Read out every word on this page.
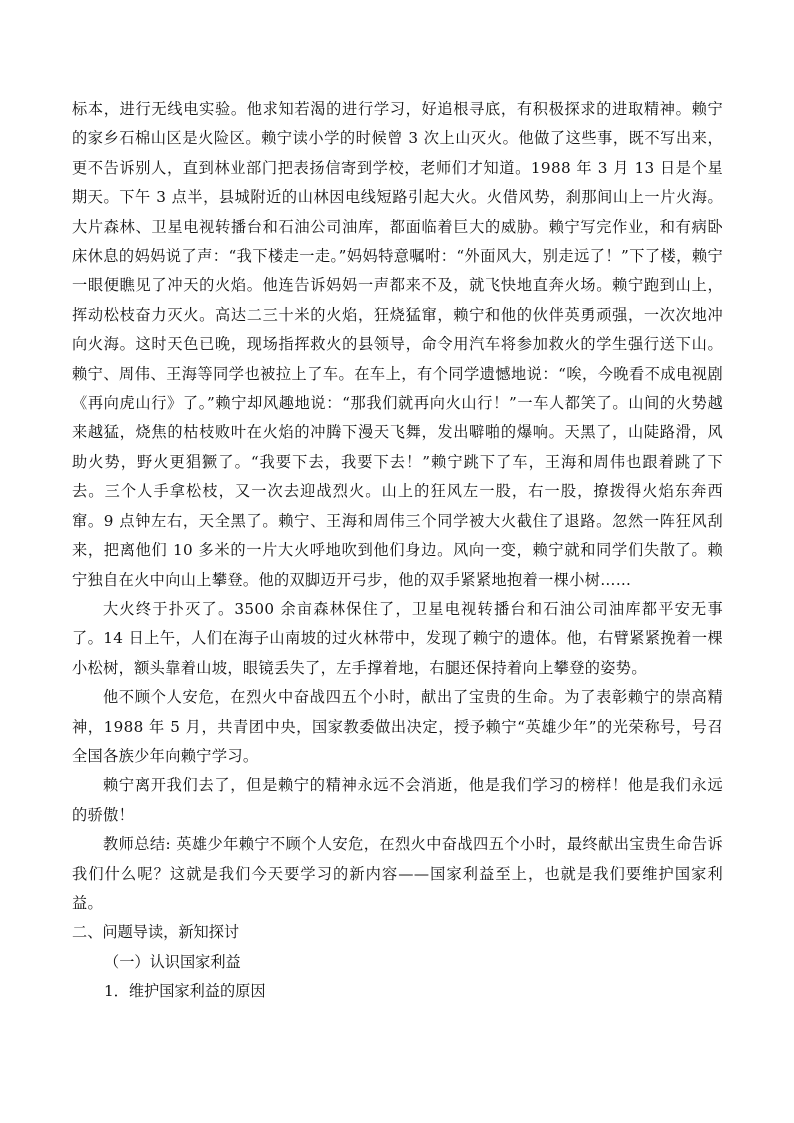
标本，进行无线电实验。他求知若渴的进行学习，好追根寻底，有积极探求的进取精神。赖宁的家乡石棉山区是火险区。赖宁读小学的时候曾 3 次上山灭火。他做了这些事，既不写出来，更不告诉别人，直到林业部门把表扬信寄到学校，老师们才知道。1988 年 3 月 13 日是个星期天。下午 3 点半，县城附近的山林因电线短路引起大火。火借风势，刹那间山上一片火海。大片森林、卫星电视转播台和石油公司油库，都面临着巨大的威胁。赖宁写完作业，和有病卧床休息的妈妈说了声：“我下楼走一走。”妈妈特意嘱咐：“外面风大，别走远了！”下了楼，赖宁一眼便瞧见了冲天的火焰。他连告诉妈妈一声都来不及，就飞快地直奔火场。赖宁跑到山上，挥动松枝奋力灭火。高达二三十米的火焰，狂烧猛窜，赖宁和他的伙伴英勇顽强，一次次地冲向火海。这时天色已晚，现场指挥救火的县领导，命令用汽车将参加救火的学生强行送下山。赖宁、周伟、王海等同学也被拉上了车。在车上，有个同学遗憾地说：“唉，今晚看不成电视剧《再向虎山行》了。”赖宁却风趣地说：“那我们就再向火山行！”一车人都笑了。山间的火势越来越猛，烧焦的枯枝败叶在火焰的冲腾下漫天飞舞，发出噼啪的爆响。天黑了，山陡路滑，风助火势，野火更猖獗了。“我要下去，我要下去！”赖宁跳下了车，王海和周伟也跟着跳了下去。三个人手拿松枝，又一次去迎战烈火。山上的狂风左一股，右一股，撩拨得火焰东奔西窜。9 点钟左右，天全黑了。赖宁、王海和周伟三个同学被大火截住了退路。忽然一阵狂风刮来，把离他们 10 多米的一片大火呼地吹到他们身边。风向一变，赖宁就和同学们失散了。赖宁独自在火中向山上攀登。他的双脚迈开弓步，他的双手紧紧地抱着一棵小树……

大火终于扑灭了。3500 余亩森林保住了，卫星电视转播台和石油公司油库都平安无事了。14 日上午，人们在海子山南坡的过火林带中，发现了赖宁的遗体。他，右臂紧紧挽着一棵小松树，额头靠着山坡，眼镜丢失了，左手撑着地，右腿还保持着向上攀登的姿势。

他不顾个人安危，在烈火中奋战四五个小时，献出了宝贵的生命。为了表彰赖宁的崇高精神，1988 年 5 月，共青团中央，国家教委做出决定，授予赖宁“英雄少年”的光荣称号，号召全国各族少年向赖宁学习。

赖宁离开我们去了，但是赖宁的精神永远不会消逝，他是我们学习的榜样！他是我们永远的骄傲！

教师总结: 英雄少年赖宁不顾个人安危，在烈火中奋战四五个小时，最终献出宝贵生命告诉我们什么呢？这就是我们今天要学习的新内容——国家利益至上，也就是我们要维护国家利益。

二、问题导读，新知探讨

（一）认识国家利益

1．维护国家利益的原因
